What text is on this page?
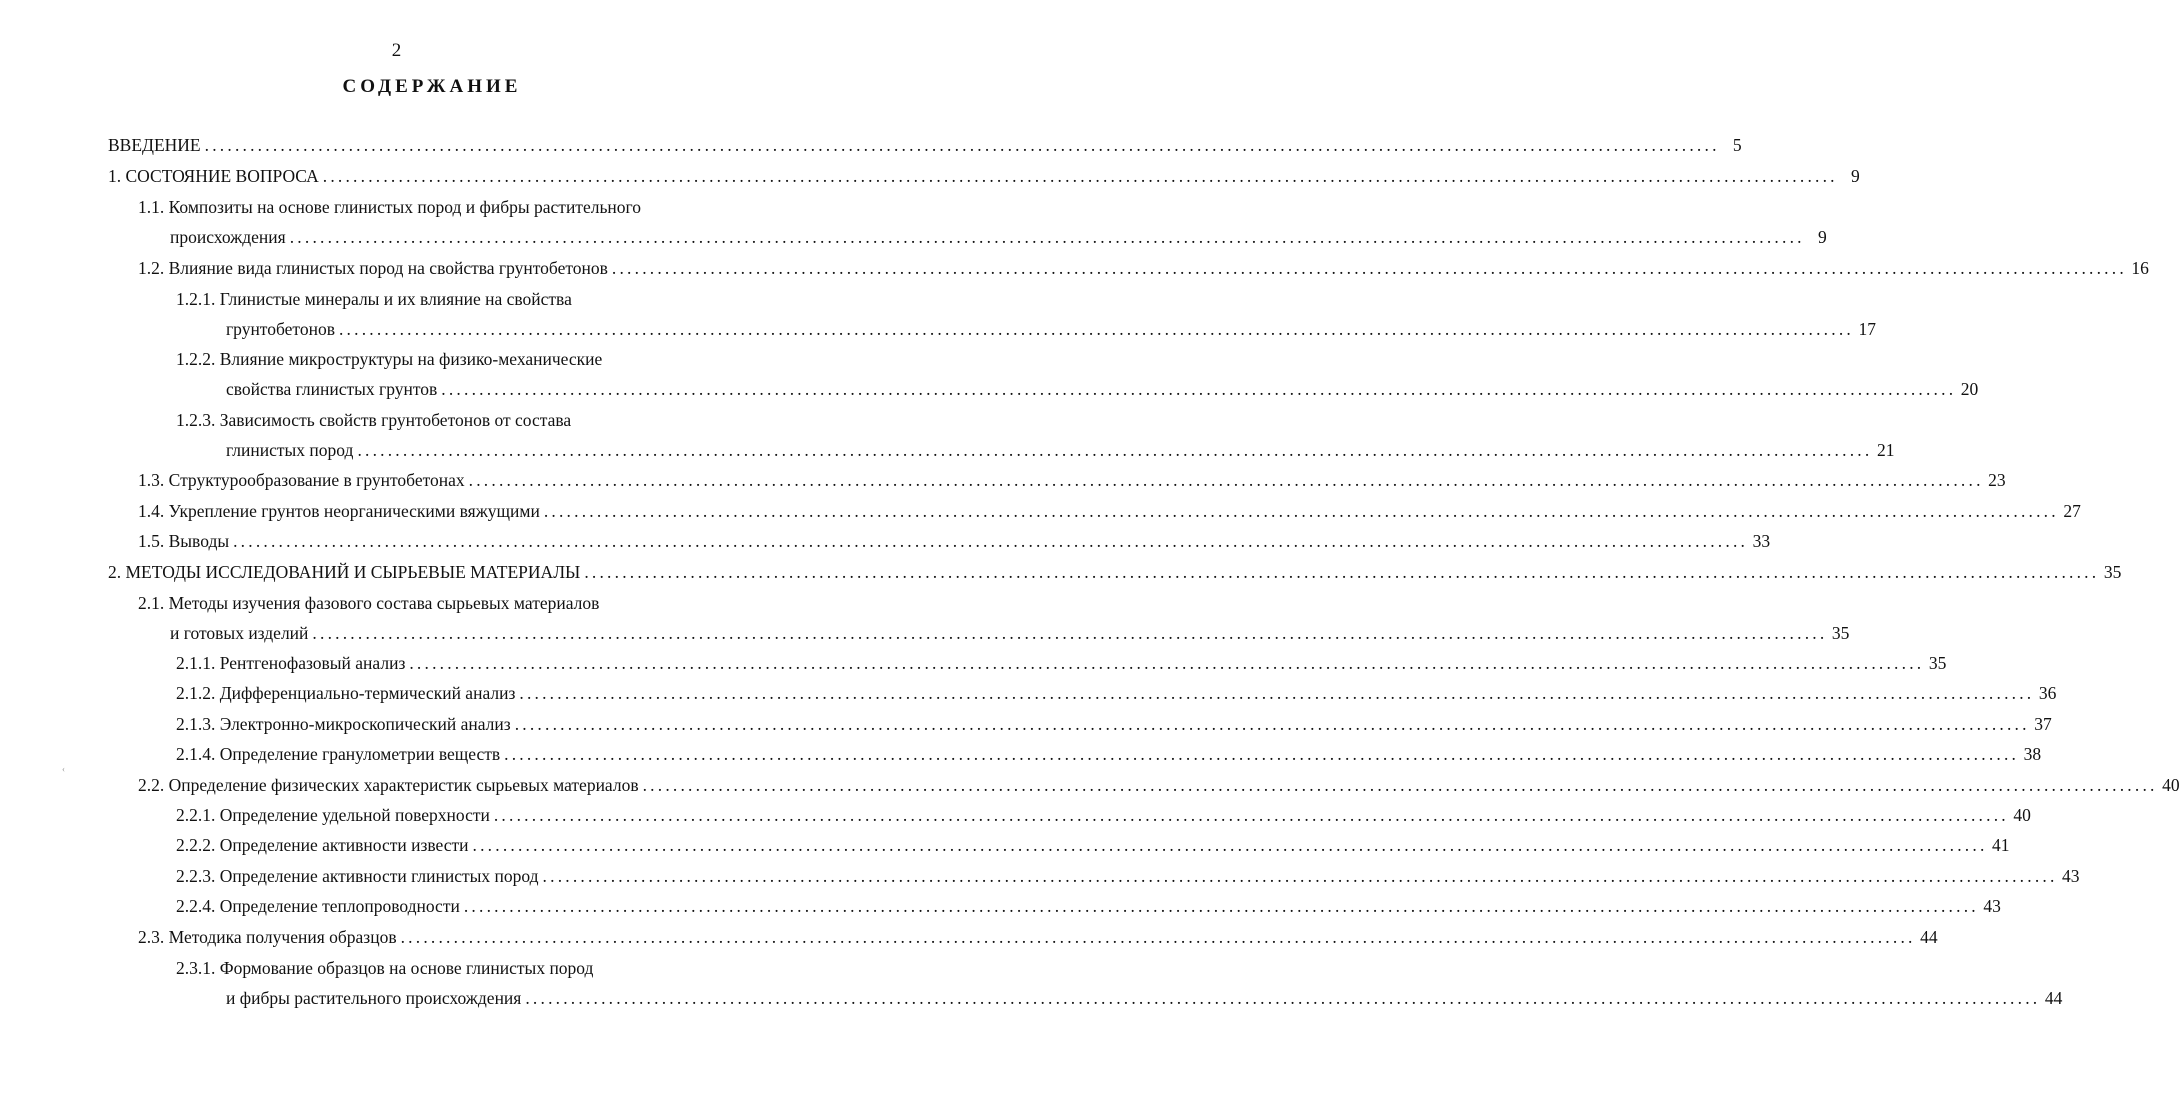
2
СОДЕРЖАНИЕ
ВВЕДЕНИЕ ........................................................................................................................................................................................................ 5
1. СОСТОЯНИЕ ВОПРОСА ........................................................................................................................................................................................................ 9
1.1. Композиты на основе глинистых пород и фибры растительного
происхождения ........................................................................................................................................................................................................ 9
1.2. Влияние вида глинистых пород на свойства грунтобетонов ........................................................................................................................................................................................................ 16
1.2.1. Глинистые минералы и их влияние на свойства
грунтобетонов ........................................................................................................................................................................................................ 17
1.2.2. Влияние микроструктуры на физико-механические
свойства глинистых грунтов ........................................................................................................................................................................................................ 20
1.2.3. Зависимость свойств грунтобетонов от состава
глинистых пород ........................................................................................................................................................................................................ 21
1.3. Структурообразование в грунтобетонах ........................................................................................................................................................................................................ 23
1.4. Укрепление грунтов неорганическими вяжущими ........................................................................................................................................................................................................ 27
1.5. Выводы ........................................................................................................................................................................................................ 33
2. МЕТОДЫ ИССЛЕДОВАНИЙ И СЫРЬЕВЫЕ МАТЕРИАЛЫ ........................................................................................................................................................................................................ 35
2.1. Методы изучения фазового состава сырьевых материалов
и готовых изделий ........................................................................................................................................................................................................ 35
2.1.1. Рентгенофазовый анализ ........................................................................................................................................................................................................ 35
2.1.2. Дифференциально-термический анализ ........................................................................................................................................................................................................ 36
2.1.3. Электронно-микроскопический анализ ........................................................................................................................................................................................................ 37
2.1.4. Определение гранулометрии веществ ........................................................................................................................................................................................................ 38
2.2. Определение физических характеристик сырьевых материалов ........................................................................................................................................................................................................ 40
2.2.1. Определение удельной поверхности ........................................................................................................................................................................................................ 40
2.2.2. Определение активности извести ........................................................................................................................................................................................................ 41
2.2.3. Определение активности глинистых пород ........................................................................................................................................................................................................ 43
2.2.4. Определение теплопроводности ........................................................................................................................................................................................................ 43
2.3. Методика получения образцов ........................................................................................................................................................................................................ 44
2.3.1. Формование образцов на основе глинистых пород
и фибры растительного происхождения ........................................................................................................................................................................................................ 44
‹
